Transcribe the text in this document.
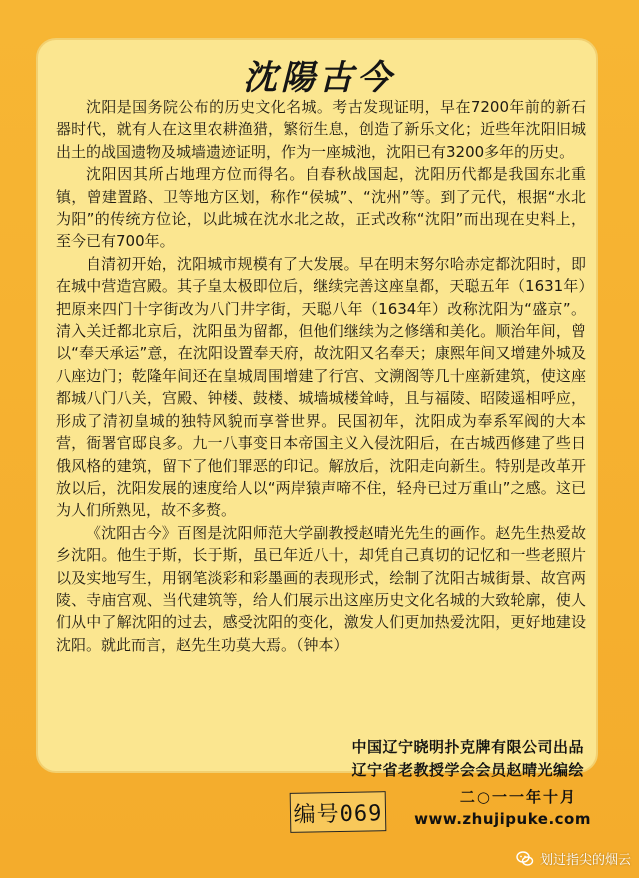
沈陽古今

沈阳是国务院公布的历史文化名城。考古发现证明，早在7200年前的新石器时代，就有人在这里农耕渔猎，繁衍生息，创造了新乐文化；近些年沈阳旧城出土的战国遗物及城墙遗迹证明，作为一座城池，沈阳已有3200多年的历史。

沈阳因其所占地理方位而得名。自春秋战国起，沈阳历代都是我国东北重镇，曾建置路、卫等地方区划，称作“侯城”、“沈州”等。到了元代，根据“水北为阳”的传统方位论，以此城在沈水北之故，正式改称“沈阳”而出现在史料上，至今已有700年。

自清初开始，沈阳城市规模有了大发展。早在明末努尔哈赤定都沈阳时，即在城中营造宫殿。其子皇太极即位后，继续完善这座皇都，天聪五年（1631年）把原来四门十字街改为八门井字街，天聪八年（1634年）改称沈阳为“盛京”。清入关迁都北京后，沈阳虽为留都，但他们继续为之修缮和美化。顺治年间，曾以“奉天承运”意，在沈阳设置奉天府，故沈阳又名奉天；康熙年间又增建外城及八座边门；乾隆年间还在皇城周围增建了行宫、文溯阁等几十座新建筑，使这座都城八门八关，宫殿、钟楼、鼓楼、城墙城楼耸峙，且与福陵、昭陵遥相呼应，形成了清初皇城的独特风貌而享誉世界。民国初年，沈阳成为奉系军阀的大本营，衙署官邸良多。九一八事变日本帝国主义入侵沈阳后，在古城西修建了些日俄风格的建筑，留下了他们罪恶的印记。解放后，沈阳走向新生。特别是改革开放以后，沈阳发展的速度给人以“两岸猿声啼不住，轻舟已过万重山”之感。这已为人们所熟见，故不多赘。

《沈阳古今》百图是沈阳师范大学副教授赵晴光先生的画作。赵先生热爱故乡沈阳。他生于斯，长于斯，虽已年近八十，却凭自己真切的记忆和一些老照片以及实地写生，用钢笔淡彩和彩墨画的表现形式，绘制了沈阳古城街景、故宫两陵、寺庙宫观、当代建筑等，给人们展示出这座历史文化名城的大致轮廓，使人们从中了解沈阳的过去，感受沈阳的变化，激发人们更加热爱沈阳，更好地建设沈阳。就此而言，赵先生功莫大焉。（钟本）

中国辽宁晓明扑克牌有限公司出品
辽宁省老教授学会会员赵晴光编绘
二○一一年十月
www.zhujipuke.com
编号069
划过指尖的烟云
